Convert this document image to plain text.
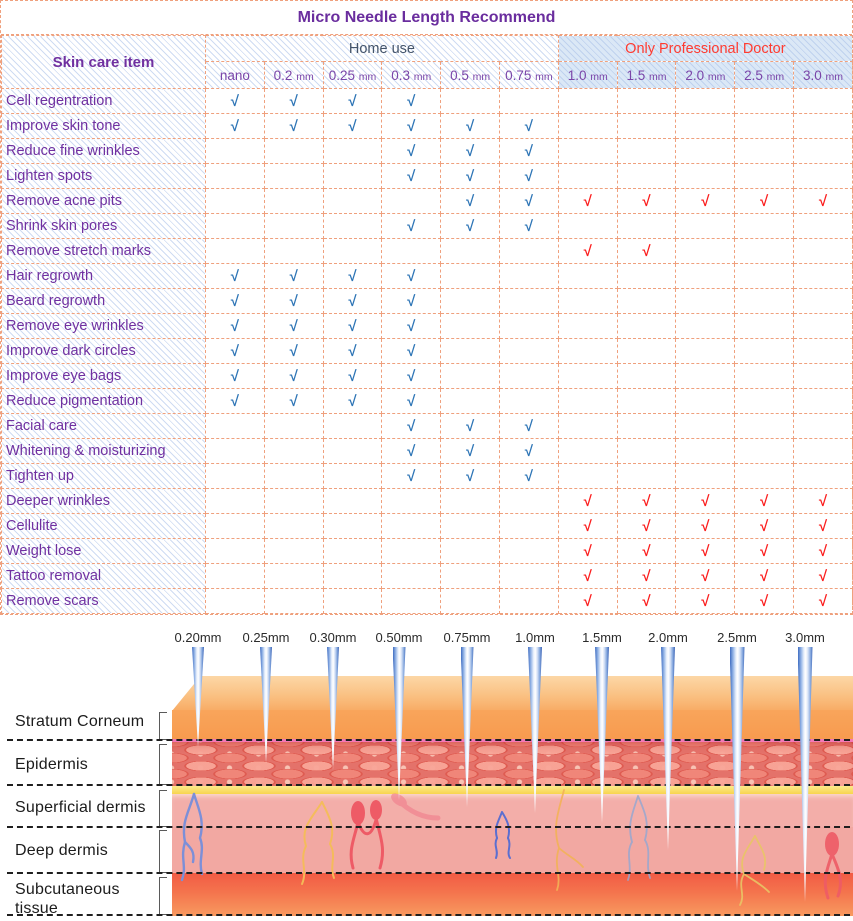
Micro Needle Length Recommend
Skin care item	Home use						Only Professional Doctor				
	nano	0.2 mm	0.25 mm	0.3 mm	0.5 mm	0.75 mm	1.0 mm	1.5 mm	2.0 mm	2.5 mm	3.0 mm
Cell regentration	√	√	√	√							
Improve skin tone	√	√	√	√	√	√					
Reduce fine wrinkles				√	√	√					
Lighten spots				√	√	√					
Remove acne pits					√	√	√	√	√	√	√
Shrink skin pores				√	√	√					
Remove stretch marks							√	√			
Hair regrowth	√	√	√	√							
Beard regrowth	√	√	√	√							
Remove eye wrinkles	√	√	√	√							
Improve dark circles	√	√	√	√							
Improve eye bags	√	√	√	√							
Reduce pigmentation	√	√	√	√							
Facial care				√	√	√					
Whitening & moisturizing				√	√	√					
Tighten up				√	√	√					
Deeper wrinkles							√	√	√	√	√
Cellulite							√	√	√	√	√
Weight lose							√	√	√	√	√
Tattoo removal							√	√	√	√	√
Remove scars							√	√	√	√	√
Stratum Corneum
Epidermis
Superficial dermis
Deep dermis
Subcutaneous tissue
0.20mm	0.25mm	0.30mm	0.50mm	0.75mm	1.0mm	1.5mm	2.0mm	2.5mm	3.0mm
